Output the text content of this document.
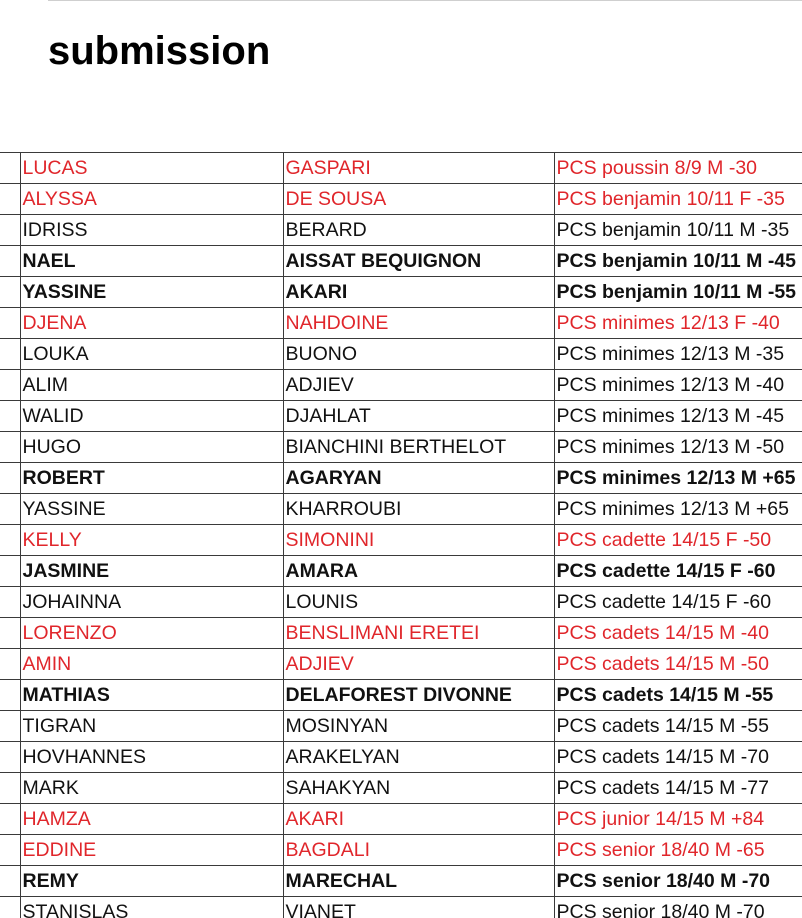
submission
	LUCAS	GASPARI	PCS poussin 8/9 M -30
	ALYSSA	DE SOUSA	PCS benjamin 10/11 F -35
	IDRISS	BERARD	PCS benjamin 10/11 M -35
	NAEL	AISSAT BEQUIGNON	PCS benjamin 10/11 M -45
	YASSINE	AKARI	PCS benjamin 10/11 M -55
	DJENA	NAHDOINE	PCS minimes 12/13 F -40
	LOUKA	BUONO	PCS minimes 12/13 M -35
	ALIM	ADJIEV	PCS minimes 12/13 M -40
	WALID	DJAHLAT	PCS minimes 12/13 M -45
	HUGO	BIANCHINI BERTHELOT	PCS minimes 12/13 M -50
	ROBERT	AGARYAN	PCS minimes 12/13 M +65
	YASSINE	KHARROUBI	PCS minimes 12/13 M +65
	KELLY	SIMONINI	PCS cadette 14/15 F -50
	JASMINE	AMARA	PCS cadette 14/15 F -60
	JOHAINNA	LOUNIS	PCS cadette 14/15 F -60
	LORENZO	BENSLIMANI ERETEI	PCS cadets 14/15 M -40
	AMIN	ADJIEV	PCS cadets 14/15 M -50
	MATHIAS	DELAFOREST DIVONNE	PCS cadets 14/15 M -55
	TIGRAN	MOSINYAN	PCS cadets 14/15 M -55
	HOVHANNES	ARAKELYAN	PCS cadets 14/15 M -70
	MARK	SAHAKYAN	PCS cadets 14/15 M -77
	HAMZA	AKARI	PCS junior 14/15 M +84
	EDDINE	BAGDALI	PCS senior 18/40 M -65
	REMY	MARECHAL	PCS senior 18/40 M -70
	STANISLAS	VIANET	PCS senior 18/40 M -70
